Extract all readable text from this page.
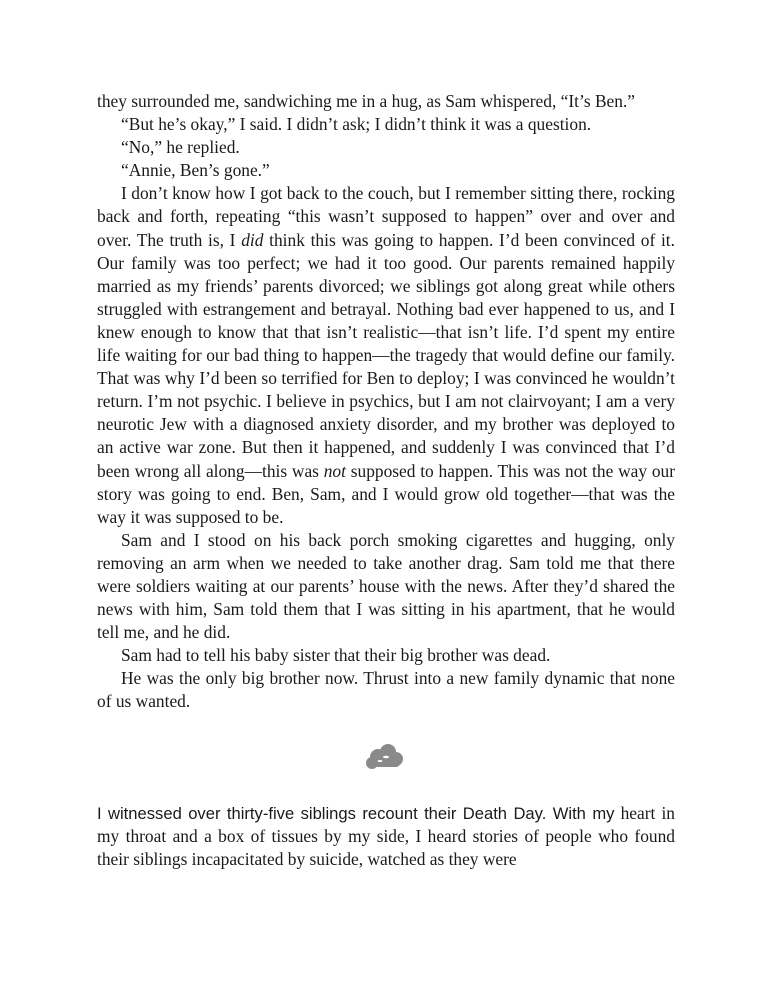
they surrounded me, sandwiching me in a hug, as Sam whispered, “It’s Ben.”

“But he’s okay,” I said. I didn’t ask; I didn’t think it was a question.

“No,” he replied.

“Annie, Ben’s gone.”

I don’t know how I got back to the couch, but I remember sitting there, rocking back and forth, repeating “this wasn’t supposed to happen” over and over and over. The truth is, I did think this was going to happen. I’d been convinced of it. Our family was too perfect; we had it too good. Our parents remained happily married as my friends’ parents divorced; we siblings got along great while others struggled with estrangement and betrayal. Nothing bad ever happened to us, and I knew enough to know that that isn’t realistic—that isn’t life. I’d spent my entire life waiting for our bad thing to happen—the tragedy that would define our family. That was why I’d been so terrified for Ben to deploy; I was convinced he wouldn’t return. I’m not psychic. I believe in psychics, but I am not clairvoyant; I am a very neurotic Jew with a diagnosed anxiety disorder, and my brother was deployed to an active war zone. But then it happened, and suddenly I was convinced that I’d been wrong all along—this was not supposed to happen. This was not the way our story was going to end. Ben, Sam, and I would grow old together—that was the way it was supposed to be.

Sam and I stood on his back porch smoking cigarettes and hugging, only removing an arm when we needed to take another drag. Sam told me that there were soldiers waiting at our parents’ house with the news. After they’d shared the news with him, Sam told them that I was sitting in his apartment, that he would tell me, and he did.

Sam had to tell his baby sister that their big brother was dead.

He was the only big brother now. Thrust into a new family dynamic that none of us wanted.

I witnessed over thirty-five siblings recount their Death Day. With my heart in my throat and a box of tissues by my side, I heard stories of people who found their siblings incapacitated by suicide, watched as they were
